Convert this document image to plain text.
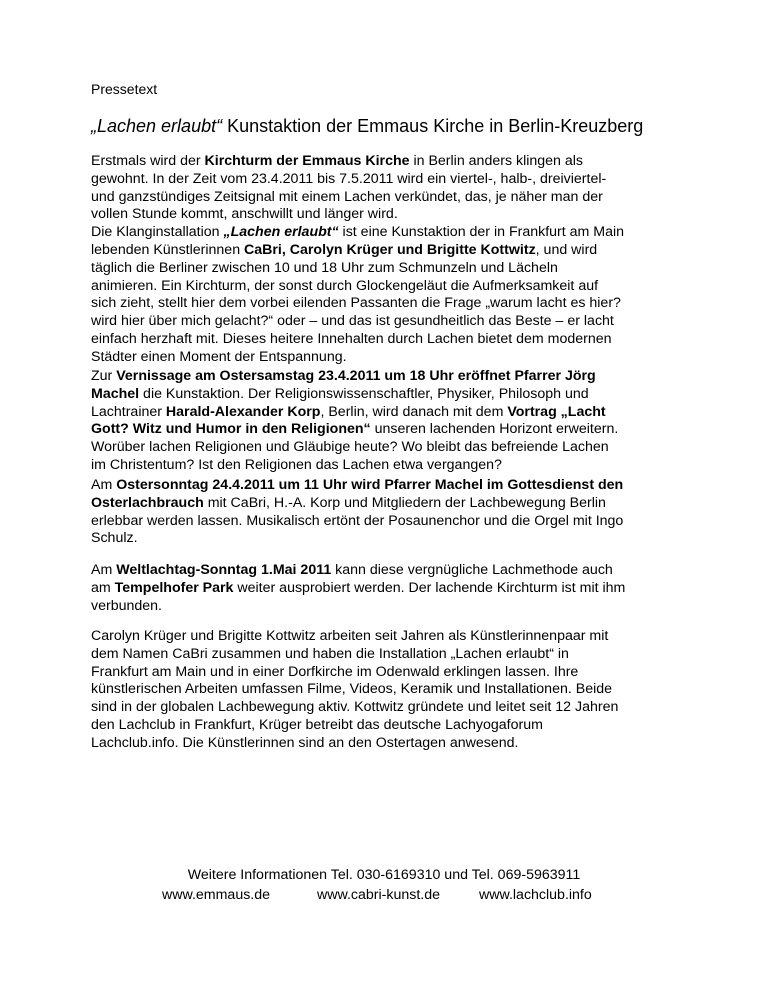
Pressetext
„Lachen erlaubt“ Kunstaktion der Emmaus Kirche in Berlin-Kreuzberg
Erstmals wird der Kirchturm der Emmaus Kirche in Berlin anders klingen als
gewohnt. In der Zeit vom 23.4.2011 bis 7.5.2011 wird ein viertel-, halb-, dreiviertel-
und ganzstündiges Zeitsignal mit einem Lachen verkündet, das, je näher man der
vollen Stunde kommt, anschwillt und länger wird.
Die Klanginstallation „Lachen erlaubt“ ist eine Kunstaktion der in Frankfurt am Main
lebenden Künstlerinnen CaBri, Carolyn Krüger und Brigitte Kottwitz, und wird
täglich die Berliner zwischen 10 und 18 Uhr zum Schmunzeln und Lächeln
animieren. Ein Kirchturm, der sonst durch Glockengeläut die Aufmerksamkeit auf
sich zieht, stellt hier dem vorbei eilenden Passanten die Frage „warum lacht es hier?
wird hier über mich gelacht?“ oder – und das ist gesundheitlich das Beste – er lacht
einfach herzhaft mit. Dieses heitere Innehalten durch Lachen bietet dem modernen
Städter einen Moment der Entspannung.
Zur Vernissage am Ostersamstag 23.4.2011 um 18 Uhr eröffnet Pfarrer Jörg
Machel die Kunstaktion. Der Religionswissenschaftler, Physiker, Philosoph und
Lachtrainer Harald-Alexander Korp, Berlin, wird danach mit dem Vortrag „Lacht
Gott? Witz und Humor in den Religionen“ unseren lachenden Horizont erweitern.
Worüber lachen Religionen und Gläubige heute? Wo bleibt das befreiende Lachen
im Christentum? Ist den Religionen das Lachen etwa vergangen?
Am Ostersonntag 24.4.2011 um 11 Uhr wird Pfarrer Machel im Gottesdienst den
Osterlachbrauch mit CaBri, H.-A. Korp und Mitgliedern der Lachbewegung Berlin
erlebbar werden lassen. Musikalisch ertönt der Posaunenchor und die Orgel mit Ingo
Schulz.
Am Weltlachtag-Sonntag 1.Mai 2011 kann diese vergnügliche Lachmethode auch
am Tempelhofer Park weiter ausprobiert werden. Der lachende Kirchturm ist mit ihm
verbunden.
Carolyn Krüger und Brigitte Kottwitz arbeiten seit Jahren als Künstlerinnenpaar mit
dem Namen CaBri zusammen und haben die Installation „Lachen erlaubt“ in
Frankfurt am Main und in einer Dorfkirche im Odenwald erklingen lassen. Ihre
künstlerischen Arbeiten umfassen Filme, Videos, Keramik und Installationen. Beide
sind in der globalen Lachbewegung aktiv. Kottwitz gründete und leitet seit 12 Jahren
den Lachclub in Frankfurt, Krüger betreibt das deutsche Lachyogaforum
Lachclub.info. Die Künstlerinnen sind an den Ostertagen anwesend.
Weitere Informationen Tel. 030-6169310 und Tel. 069-5963911
www.emmaus.de	www.cabri-kunst.de	www.lachclub.info
